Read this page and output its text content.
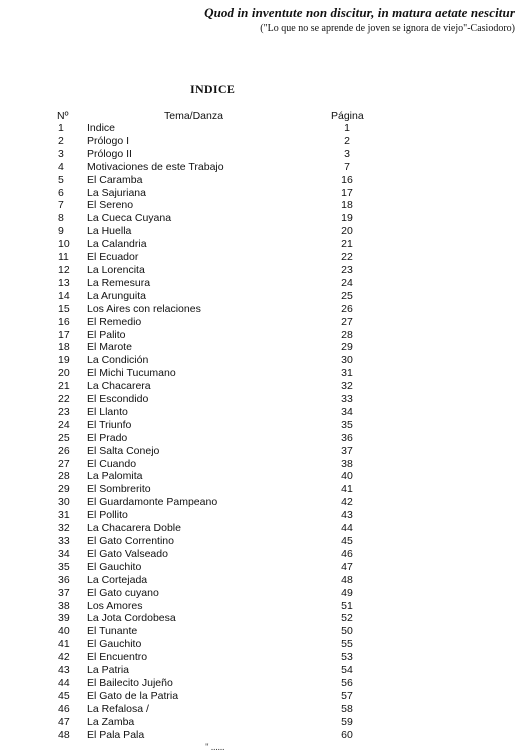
Quod in inventute non discitur, in matura aetate nescitur
("Lo que no se aprende de joven se ignora de viejo"-Casiodoro)
INDICE
Nº	Tema/Danza	Página
1 Indice	1
2 Prólogo I	2
3 Prólogo II	3
4 Motivaciones de este Trabajo	7
5 El Caramba	16
6 La Sajuriana	17
7 El Sereno	18
8 La Cueca Cuyana	19
9 La Huella	20
10 La Calandria	21
11 El Ecuador	22
12 La Lorencita	23
13 La Remesura	24
14 La Arunguita	25
15 Los Aires con relaciones	26
16 El Remedio	27
17 El Palito	28
18 El Marote	29
19 La Condición	30
20 El Michi Tucumano	31
21 La Chacarera	32
22 El Escondido	33
23 El Llanto	34
24 El Triunfo	35
25 El Prado	36
26 El Salta Conejo	37
27 El Cuando	38
28 La Palomita	40
29 El Sombrerito	41
30 El Guardamonte Pampeano	42
31 El Pollito	43
32 La Chacarera Doble	44
33 El Gato Correntino	45
34 El Gato Valseado	46
35 El Gauchito	47
36 La Cortejada	48
37 El Gato cuyano	49
38 Los Amores	51
39 La Jota Cordobesa	52
40 El Tunante	50
41 El Gauchito	55
42 El Encuentro	53
43 La Patria	54
44 El Bailecito Jujeño	56
45 El Gato de la Patria	57
46 La Refalosa /	58
47 La Zamba	59
48 El Pala Pala	60
" ......
